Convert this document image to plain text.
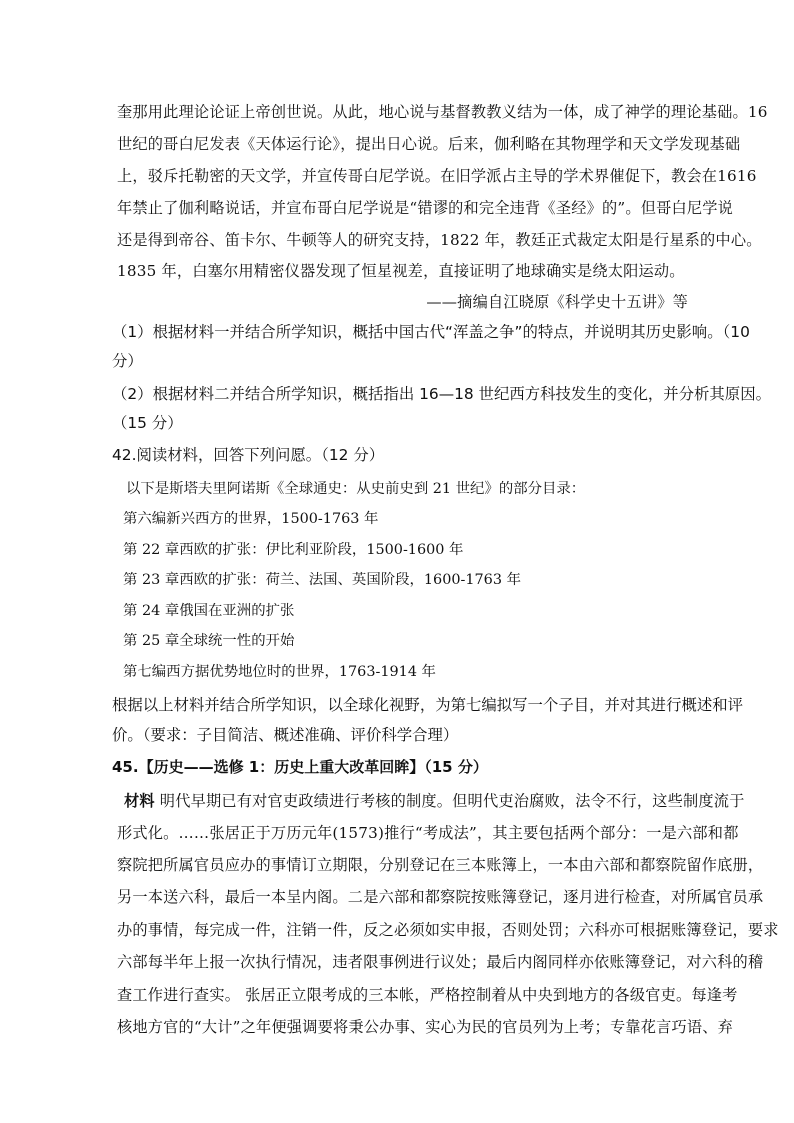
奎那用此理论论证上帝创世说。从此，地心说与基督教教义结为一体，成了神学的理论基础。16
世纪的哥白尼发表《天体运行论》，提出日心说。后来，伽利略在其物理学和天文学发现基础
上，驳斥托勒密的天文学，并宣传哥白尼学说。在旧学派占主导的学术界催促下，教会在1616
年禁止了伽利略说话，并宣布哥白尼学说是“错谬的和完全违背《圣经》的”。但哥白尼学说
还是得到帝谷、笛卡尔、牛顿等人的研究支持，1822 年，教廷正式裁定太阳是行星系的中心。
1835 年，白塞尔用精密仪器发现了恒星视差，直接证明了地球确实是绕太阳运动。
——摘编自江晓原《科学史十五讲》等
（1）根据材料一并结合所学知识，概括中国古代“浑盖之争”的特点，并说明其历史影响。（10
分）
（2）根据材料二并结合所学知识，概括指出 16—18 世纪西方科技发生的变化，并分析其原因。
（15 分）
42.阅读材料，回答下列问愿。（12 分）
以下是斯塔夫里阿诺斯《全球通史：从史前史到 21 世纪》的部分目录：
第六编新兴西方的世界，1500-1763 年
第 22 章西欧的扩张：伊比利亚阶段，1500-1600 年
第 23 章西欧的扩张：荷兰、法国、英国阶段，1600-1763 年
第 24 章俄国在亚洲的扩张
第 25 章全球统一性的开始
第七编西方据优势地位时的世界，1763-1914 年
根据以上材料并结合所学知识，以全球化视野，为第七编拟写一个子目，并对其进行概述和评
价。（要求：子目简洁、概述准确、评价科学合理）
45.【历史——选修 1：历史上重大改革回眸】（15 分）
材料 明代早期已有对官吏政绩进行考核的制度。但明代吏治腐败，法令不行，这些制度流于
形式化。……张居正于万历元年(1573)推行“考成法”，其主要包括两个部分：一是六部和都
察院把所属官员应办的事情订立期限，分别登记在三本账簿上，一本由六部和都察院留作底册，
另一本送六科，最后一本呈内阁。二是六部和都察院按账簿登记，逐月进行检查，对所属官员承
办的事情，每完成一件，注销一件，反之必须如实申报，否则处罚；六科亦可根据账簿登记，要求
六部每半年上报一次执行情况，违者限事例进行议处；最后内阁同样亦依账簿登记，对六科的稽
查工作进行查实。 张居正立限考成的三本帐，严格控制着从中央到地方的各级官吏。每逢考
核地方官的“大计”之年便强调要将秉公办事、实心为民的官员列为上考；专靠花言巧语、弃
